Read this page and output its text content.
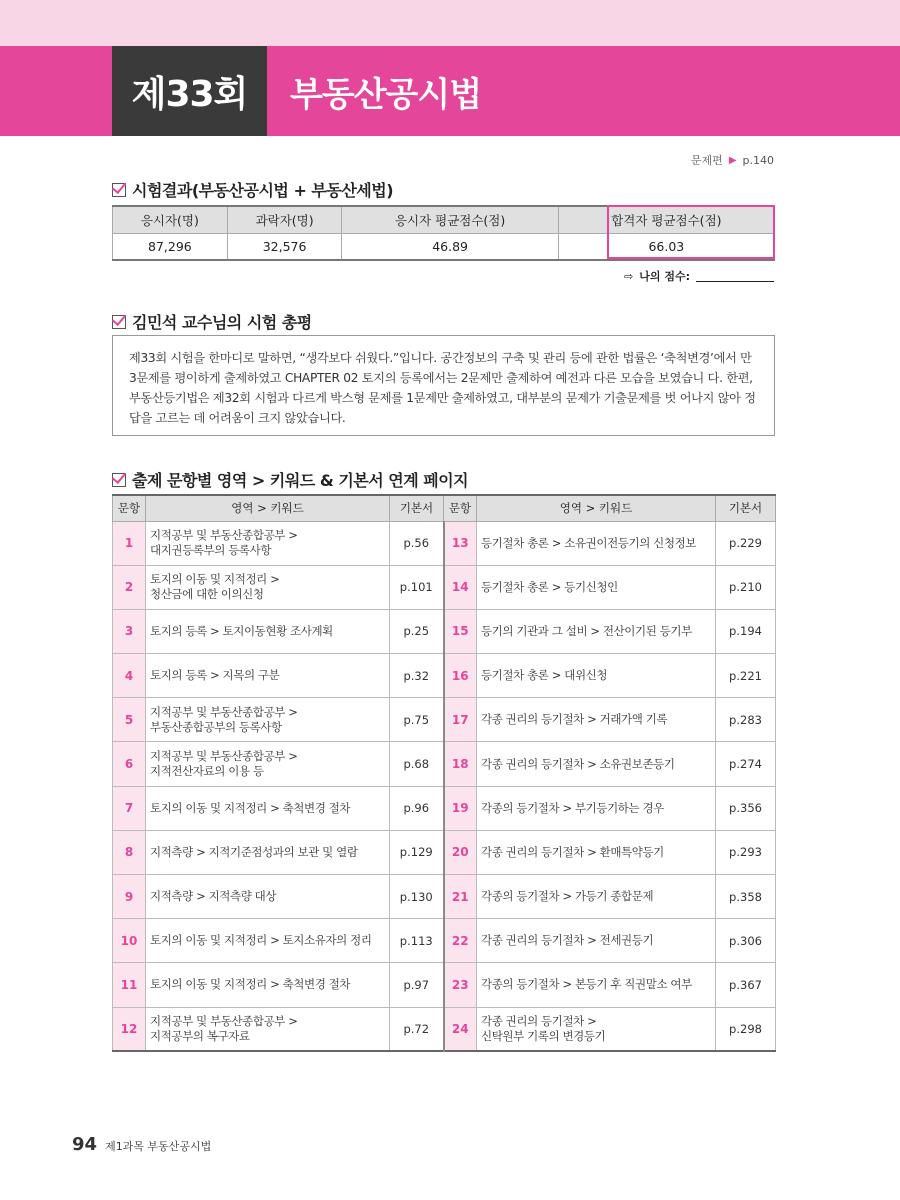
제33회	부동산공시법
문제편 ▶ p.140
시험결과(부동산공시법 + 부동산세법)
응시자(명)	과락자(명)	응시자 평균점수(점)	합격자 평균점수(점)
87,296	32,576	46.89	66.03
⇨ 나의 점수:
김민석 교수님의 시험 총평

제33회 시험을 한마디로 말하면, “생각보다 쉬웠다.”입니다. 공간정보의 구축 및 관리 등에 관한 법률은 ‘축척변경’에서 만 3문제를 평이하게 출제하였고 CHAPTER 02 토지의 등록에서는 2문제만 출제하여 예전과 다른 모습을 보였습니 다. 한편, 부동산등기법은 제32회 시험과 다르게 박스형 문제를 1문제만 출제하였고, 대부분의 문제가 기출문제를 벗 어나지 않아 정답을 고르는 데 어려움이 크지 않았습니다.

출제 문항별 영역 > 키워드 & 기본서 연계 페이지
문항	영역 > 키워드	기본서	문항	영역 > 키워드	기본서
1	지적공부 및 부동산종합공부 >
대지권등록부의 등록사항	p.56	13	등기절차 총론 > 소유권이전등기의 신청정보	p.229
2	토지의 이동 및 지적정리 >
청산금에 대한 이의신청	p.101	14	등기절차 총론 > 등기신청인	p.210
3	토지의 등록 > 토지이동현황 조사계획	p.25	15	등기의 기관과 그 설비 > 전산이기된 등기부	p.194
4	토지의 등록 > 지목의 구분	p.32	16	등기절차 총론 > 대위신청	p.221
5	지적공부 및 부동산종합공부 >
부동산종합공부의 등록사항	p.75	17	각종 권리의 등기절차 > 거래가액 기록	p.283
6	지적공부 및 부동산종합공부 >
지적전산자료의 이용 등	p.68	18	각종 권리의 등기절차 > 소유권보존등기	p.274
7	토지의 이동 및 지적정리 > 축척변경 절차	p.96	19	각종의 등기절차 > 부기등기하는 경우	p.356
8	지적측량 > 지적기준점성과의 보관 및 열람	p.129	20	각종 권리의 등기절차 > 환매특약등기	p.293
9	지적측량 > 지적측량 대상	p.130	21	각종의 등기절차 > 가등기 종합문제	p.358
10	토지의 이동 및 지적정리 > 토지소유자의 정리	p.113	22	각종 권리의 등기절차 > 전세권등기	p.306
11	토지의 이동 및 지적정리 > 축척변경 절차	p.97	23	각종의 등기절차 > 본등기 후 직권말소 여부	p.367
12	지적공부 및 부동산종합공부 >
지적공부의 복구자료	p.72	24	각종 권리의 등기절차 >
신탁원부 기록의 변경등기	p.298
94 제1과목 부동산공시법
